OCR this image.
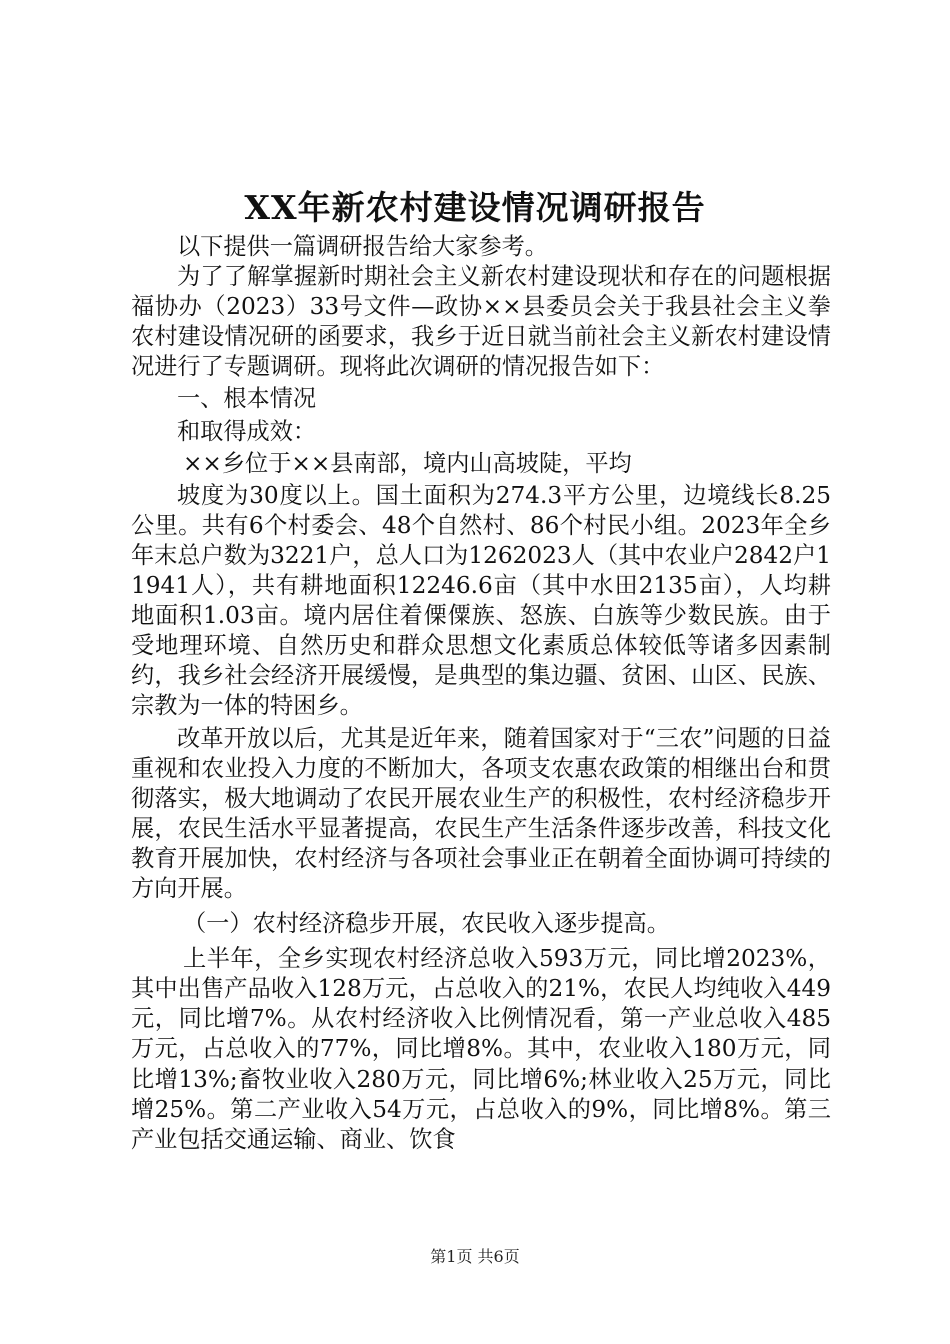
XX年新农村建设情况调研报告

以下提供一篇调研报告给大家参考。

为了了解掌握新时期社会主义新农村建设现状和存在的问题根据福协办（2023）33号文件—政协××县委员会关于我县社会主义拳农村建设情况研的函要求，我乡于近日就当前社会主义新农村建设情况进行了专题调研。现将此次调研的情况报告如下：

一、根本情况

和取得成效：

××乡位于××县南部，境内山高坡陡，平均

坡度为30度以上。国土面积为274.3平方公里，边境线长8.25公里。共有6个村委会、48个自然村、86个村民小组。2023年全乡年末总户数为3221户，总人口为1262023人（其中农业户2842户11941人），共有耕地面积12246.6亩（其中水田2135亩），人均耕地面积1.03亩。境内居住着傈僳族、怒族、白族等少数民族。由于受地理环境、自然历史和群众思想文化素质总体较低等诸多因素制约，我乡社会经济开展缓慢，是典型的集边疆、贫困、山区、民族、宗教为一体的特困乡。

改革开放以后，尤其是近年来，随着国家对于“三农”问题的日益重视和农业投入力度的不断加大，各项支农惠农政策的相继出台和贯彻落实，极大地调动了农民开展农业生产的积极性，农村经济稳步开展，农民生活水平显著提高，农民生产生活条件逐步改善，科技文化教育开展加快，农村经济与各项社会事业正在朝着全面协调可持续的方向开展。

（一）农村经济稳步开展，农民收入逐步提高。

上半年，全乡实现农村经济总收入593万元，同比增2023%，其中出售产品收入128万元，占总收入的21%，农民人均纯收入449元，同比增7%。从农村经济收入比例情况看，第一产业总收入485万元，占总收入的77%，同比增8%。其中，农业收入180万元，同比增13%;畜牧业收入280万元，同比增6%;林业收入25万元，同比增25%。第二产业收入54万元，占总收入的9%，同比增8%。第三产业包括交通运输、商业、饮食

第1页 共6页
